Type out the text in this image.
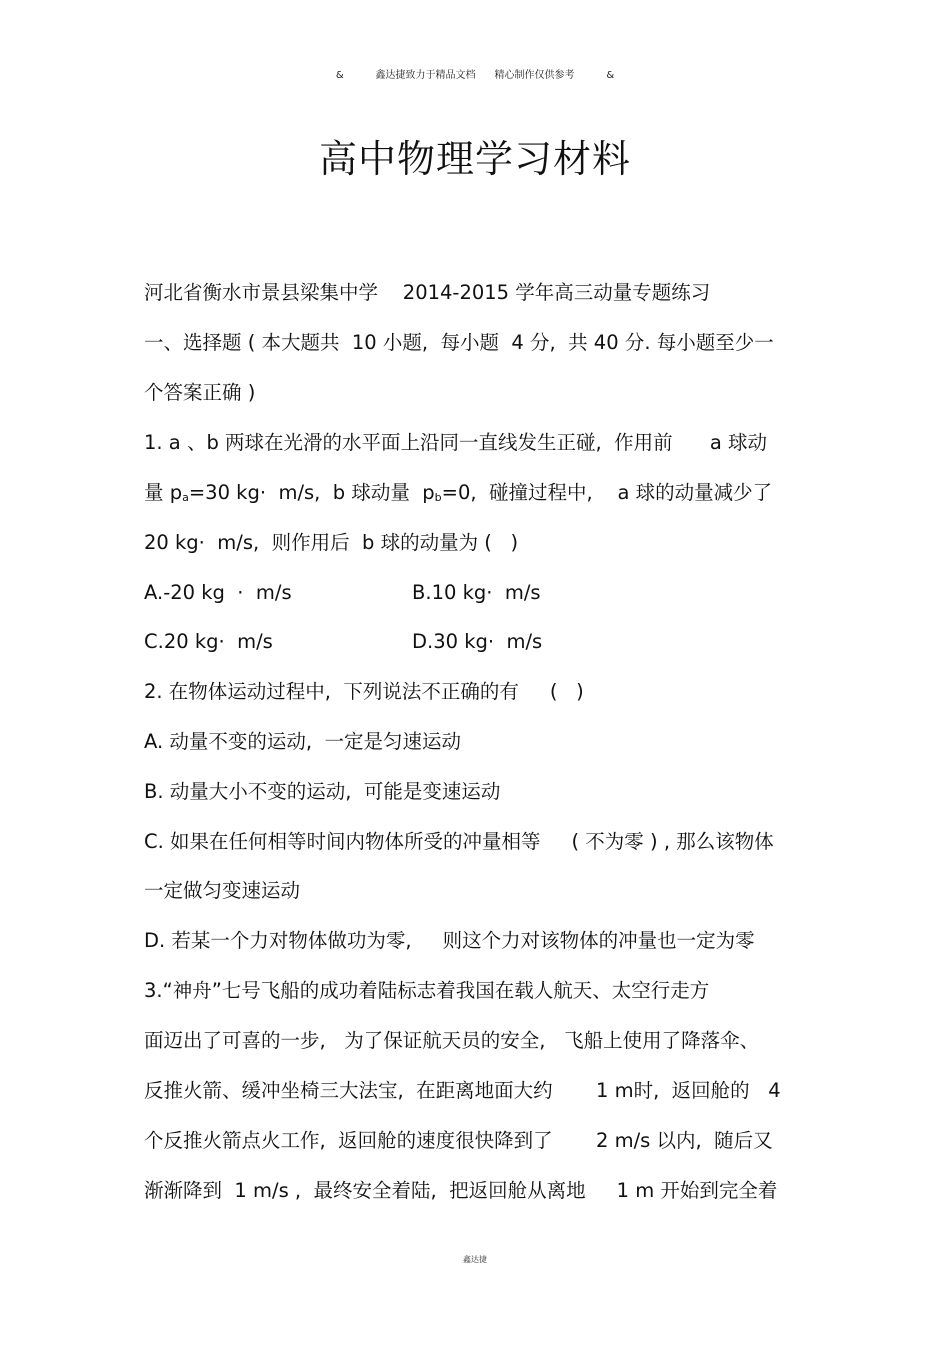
&	鑫达捷致力于精品文档 精心制作仅供参考	&
高中物理学习材料
河北省衡水市景县梁集中学    2014-2015 学年高三动量专题练习
一、选择题 ( 本大题共  10 小题,  每小题  4 分,  共 40 分. 每小题至少一
个答案正确 )
1. a 、b 两球在光滑的水平面上沿同一直线发生正碰,  作用前      a 球动
量 $p_a=30$ kg·  m/s,  b 球动量  $p_b=0$,  碰撞过程中,    a 球的动量减少了
20 kg·  m/s,  则作用后  b 球的动量为 (   )
A.-20 kg  ·  m/s	B.10 kg·  m/s
C.20 kg·  m/s	D.30 kg·  m/s
2. 在物体运动过程中,  下列说法不正确的有     (   )
A. 动量不变的运动,  一定是匀速运动
B. 动量大小不变的运动,  可能是变速运动
C. 如果在任何相等时间内物体所受的冲量相等     ( 不为零 ) , 那么该物体
一定做匀变速运动
D. 若某一个力对物体做功为零,     则这个力对该物体的冲量也一定为零
3.“神舟”七号飞船的成功着陆标志着我国在载人航天、太空行走方
面迈出了可喜的一步,   为了保证航天员的安全,   飞船上使用了降落伞、
反推火箭、缓冲坐椅三大法宝,  在距离地面大约       1 m时,  返回舱的   4
个反推火箭点火工作,  返回舱的速度很快降到了       2 m/s 以内,  随后又
渐渐降到  1 m/s ,  最终安全着陆,  把返回舱从离地     1 m 开始到完全着
鑫达捷
